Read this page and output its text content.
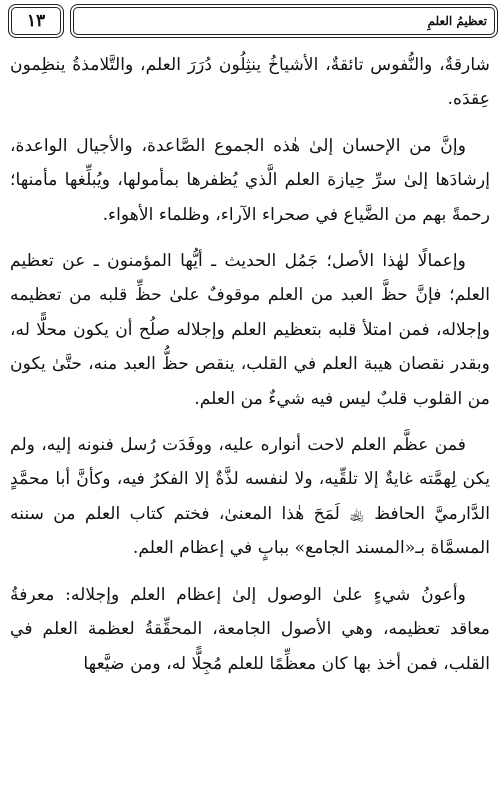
تعظيمُ العلمِ
١٣

شارقةٌ، والنُّفوس تائقةٌ، الأشياخُ ينثِلُون دُرَرَ العلم، والتَّلامذةُ ينظِمون عِقدَه.

وإنَّ من الإحسان إلىٰ هٰذه الجموع الصَّاعدة، والأجيال الواعدة، إرشادَها إلىٰ سرِّ حِيازة العلم الَّذي يُظفرها بمأمولها، ويُبلِّغها مأمنها؛ رحمةً بهم من الضَّياع في صحراء الآراء، وظلماء الأهواء.

وإعمالًا لهٰذا الأصل؛ جَمُل الحديث ـ أيُّها المؤمنون ـ عن تعظيم العلم؛ فإنَّ حظَّ العبد من العلم موقوفٌ علىٰ حظِّ قلبه من تعظيمه وإجلاله، فمن امتلأ قلبه بتعظيم العلم وإجلاله صلُح أن يكون محلًّا له، وبقدر نقصان هيبة العلم في القلب، ينقص حظُّ العبد منه، حتَّىٰ يكون من القلوب قلبٌ ليس فيه شيءٌ من العلم.

فمن عظَّم العلم لاحت أنواره عليه، ووفَدَت رُسل فنونه إليه، ولم يكن لِهمَّته غايةٌ إلا تلقِّيه، ولا لنفسه لذَّةٌ إلا الفكرُ فيه، وكأنَّ أبا محمَّدٍ الدَّارميَّ الحافظ ﵀ لَمَحَ هٰذا المعنىٰ، فختم كتاب العلم من سننه المسمَّاة بـ«المسند الجامع» ببابٍ في إعظام العلم.

وأعونُ شيءٍ علىٰ الوصول إلىٰ إعظام العلم وإجلاله: معرفةُ معاقد تعظيمه، وهي الأصول الجامعة، المحقِّقةُ لعظمة العلم في القلب، فمن أخذ بها كان معظِّمًا للعلم مُجِلًّا له، ومن ضيَّعها
